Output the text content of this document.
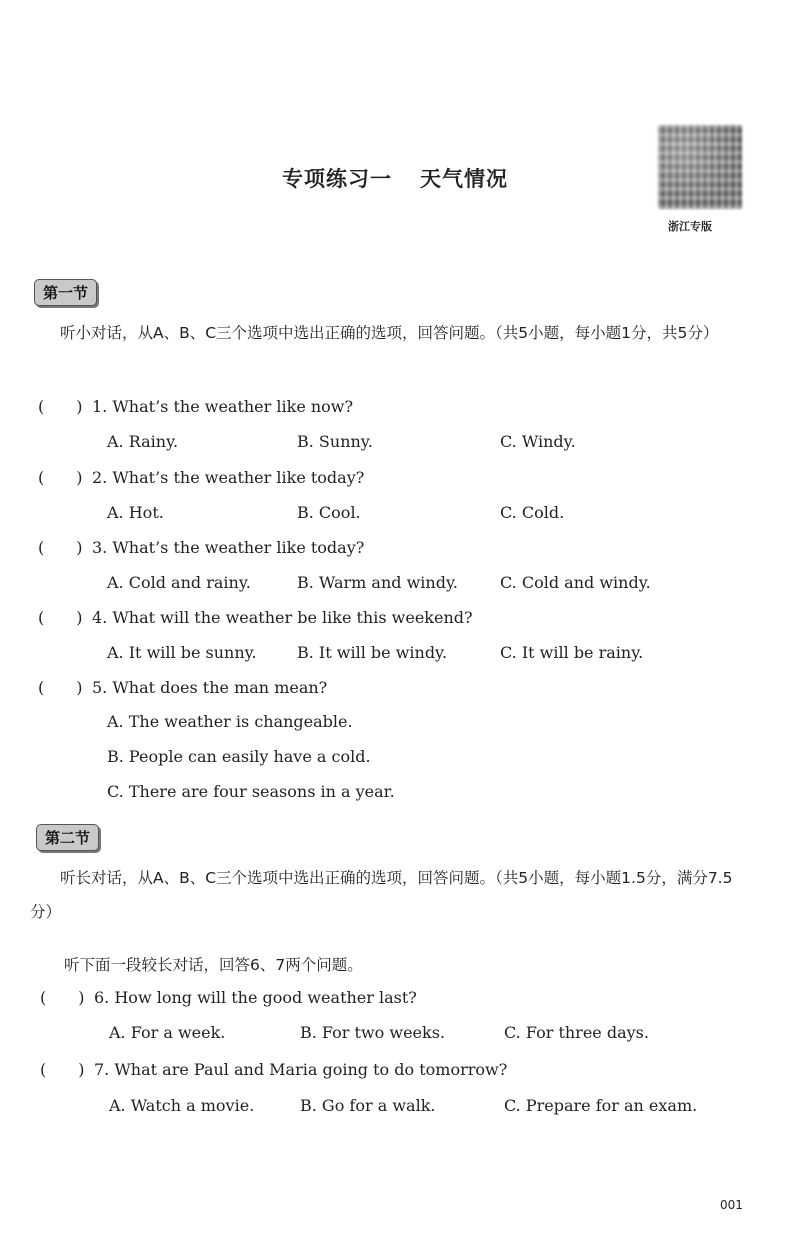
专项练习一 天气情况
浙江专版
第一节
听小对话，从A、B、C三个选项中选出正确的选项，回答问题。（共5小题，每小题1分，共5分）
( ) 1. What’s the weather like now?
A. Rainy.	B. Sunny.	C. Windy.
( ) 2. What’s the weather like today?
A. Hot.	B. Cool.	C. Cold.
( ) 3. What’s the weather like today?
A. Cold and rainy.	B. Warm and windy.	C. Cold and windy.
( ) 4. What will the weather be like this weekend?
A. It will be sunny.	B. It will be windy.	C. It will be rainy.
( ) 5. What does the man mean?
A. The weather is changeable.
B. People can easily have a cold.
C. There are four seasons in a year.
第二节
听长对话，从A、B、C三个选项中选出正确的选项，回答问题。（共5小题，每小题1.5分，满分7.5分）
听下面一段较长对话，回答6、7两个问题。
( ) 6. How long will the good weather last?
A. For a week.	B. For two weeks.	C. For three days.
( ) 7. What are Paul and Maria going to do tomorrow?
A. Watch a movie.	B. Go for a walk.	C. Prepare for an exam.
001
